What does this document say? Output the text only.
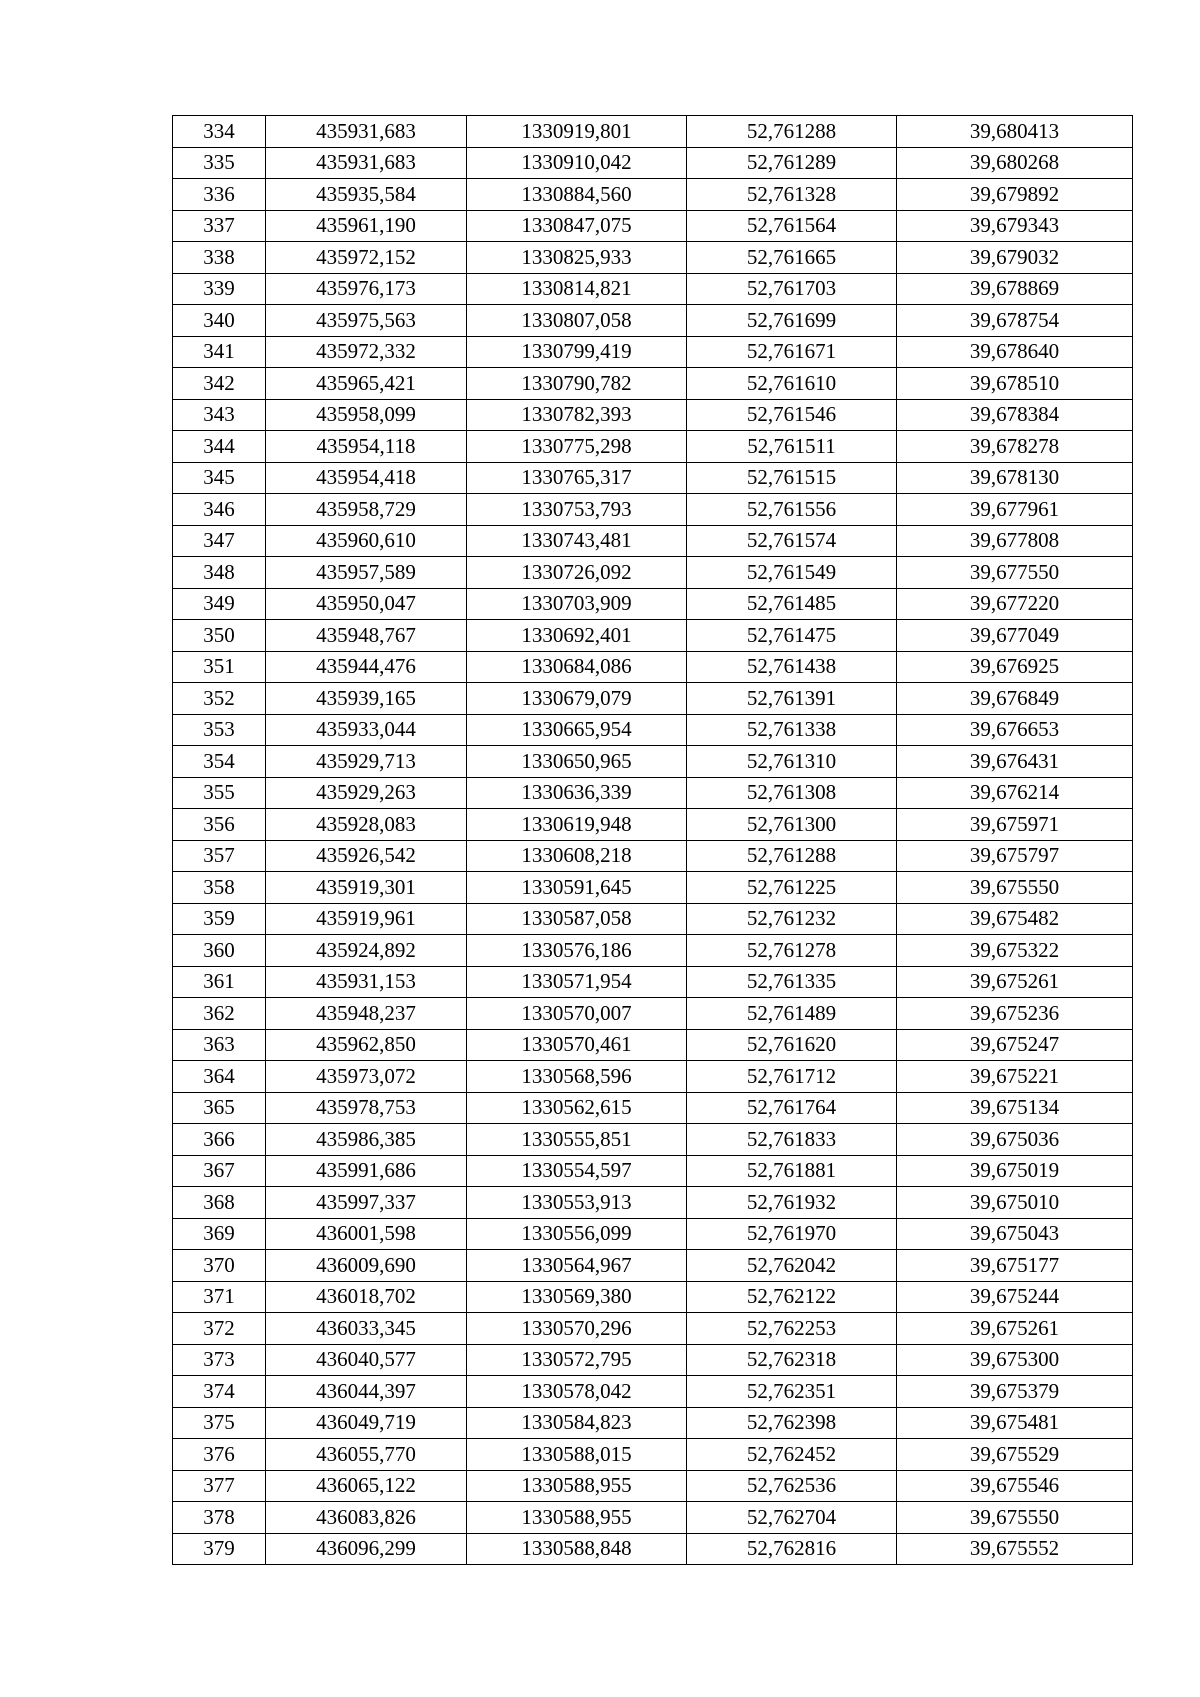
334	435931,683	1330919,801	52,761288	39,680413
335	435931,683	1330910,042	52,761289	39,680268
336	435935,584	1330884,560	52,761328	39,679892
337	435961,190	1330847,075	52,761564	39,679343
338	435972,152	1330825,933	52,761665	39,679032
339	435976,173	1330814,821	52,761703	39,678869
340	435975,563	1330807,058	52,761699	39,678754
341	435972,332	1330799,419	52,761671	39,678640
342	435965,421	1330790,782	52,761610	39,678510
343	435958,099	1330782,393	52,761546	39,678384
344	435954,118	1330775,298	52,761511	39,678278
345	435954,418	1330765,317	52,761515	39,678130
346	435958,729	1330753,793	52,761556	39,677961
347	435960,610	1330743,481	52,761574	39,677808
348	435957,589	1330726,092	52,761549	39,677550
349	435950,047	1330703,909	52,761485	39,677220
350	435948,767	1330692,401	52,761475	39,677049
351	435944,476	1330684,086	52,761438	39,676925
352	435939,165	1330679,079	52,761391	39,676849
353	435933,044	1330665,954	52,761338	39,676653
354	435929,713	1330650,965	52,761310	39,676431
355	435929,263	1330636,339	52,761308	39,676214
356	435928,083	1330619,948	52,761300	39,675971
357	435926,542	1330608,218	52,761288	39,675797
358	435919,301	1330591,645	52,761225	39,675550
359	435919,961	1330587,058	52,761232	39,675482
360	435924,892	1330576,186	52,761278	39,675322
361	435931,153	1330571,954	52,761335	39,675261
362	435948,237	1330570,007	52,761489	39,675236
363	435962,850	1330570,461	52,761620	39,675247
364	435973,072	1330568,596	52,761712	39,675221
365	435978,753	1330562,615	52,761764	39,675134
366	435986,385	1330555,851	52,761833	39,675036
367	435991,686	1330554,597	52,761881	39,675019
368	435997,337	1330553,913	52,761932	39,675010
369	436001,598	1330556,099	52,761970	39,675043
370	436009,690	1330564,967	52,762042	39,675177
371	436018,702	1330569,380	52,762122	39,675244
372	436033,345	1330570,296	52,762253	39,675261
373	436040,577	1330572,795	52,762318	39,675300
374	436044,397	1330578,042	52,762351	39,675379
375	436049,719	1330584,823	52,762398	39,675481
376	436055,770	1330588,015	52,762452	39,675529
377	436065,122	1330588,955	52,762536	39,675546
378	436083,826	1330588,955	52,762704	39,675550
379	436096,299	1330588,848	52,762816	39,675552
